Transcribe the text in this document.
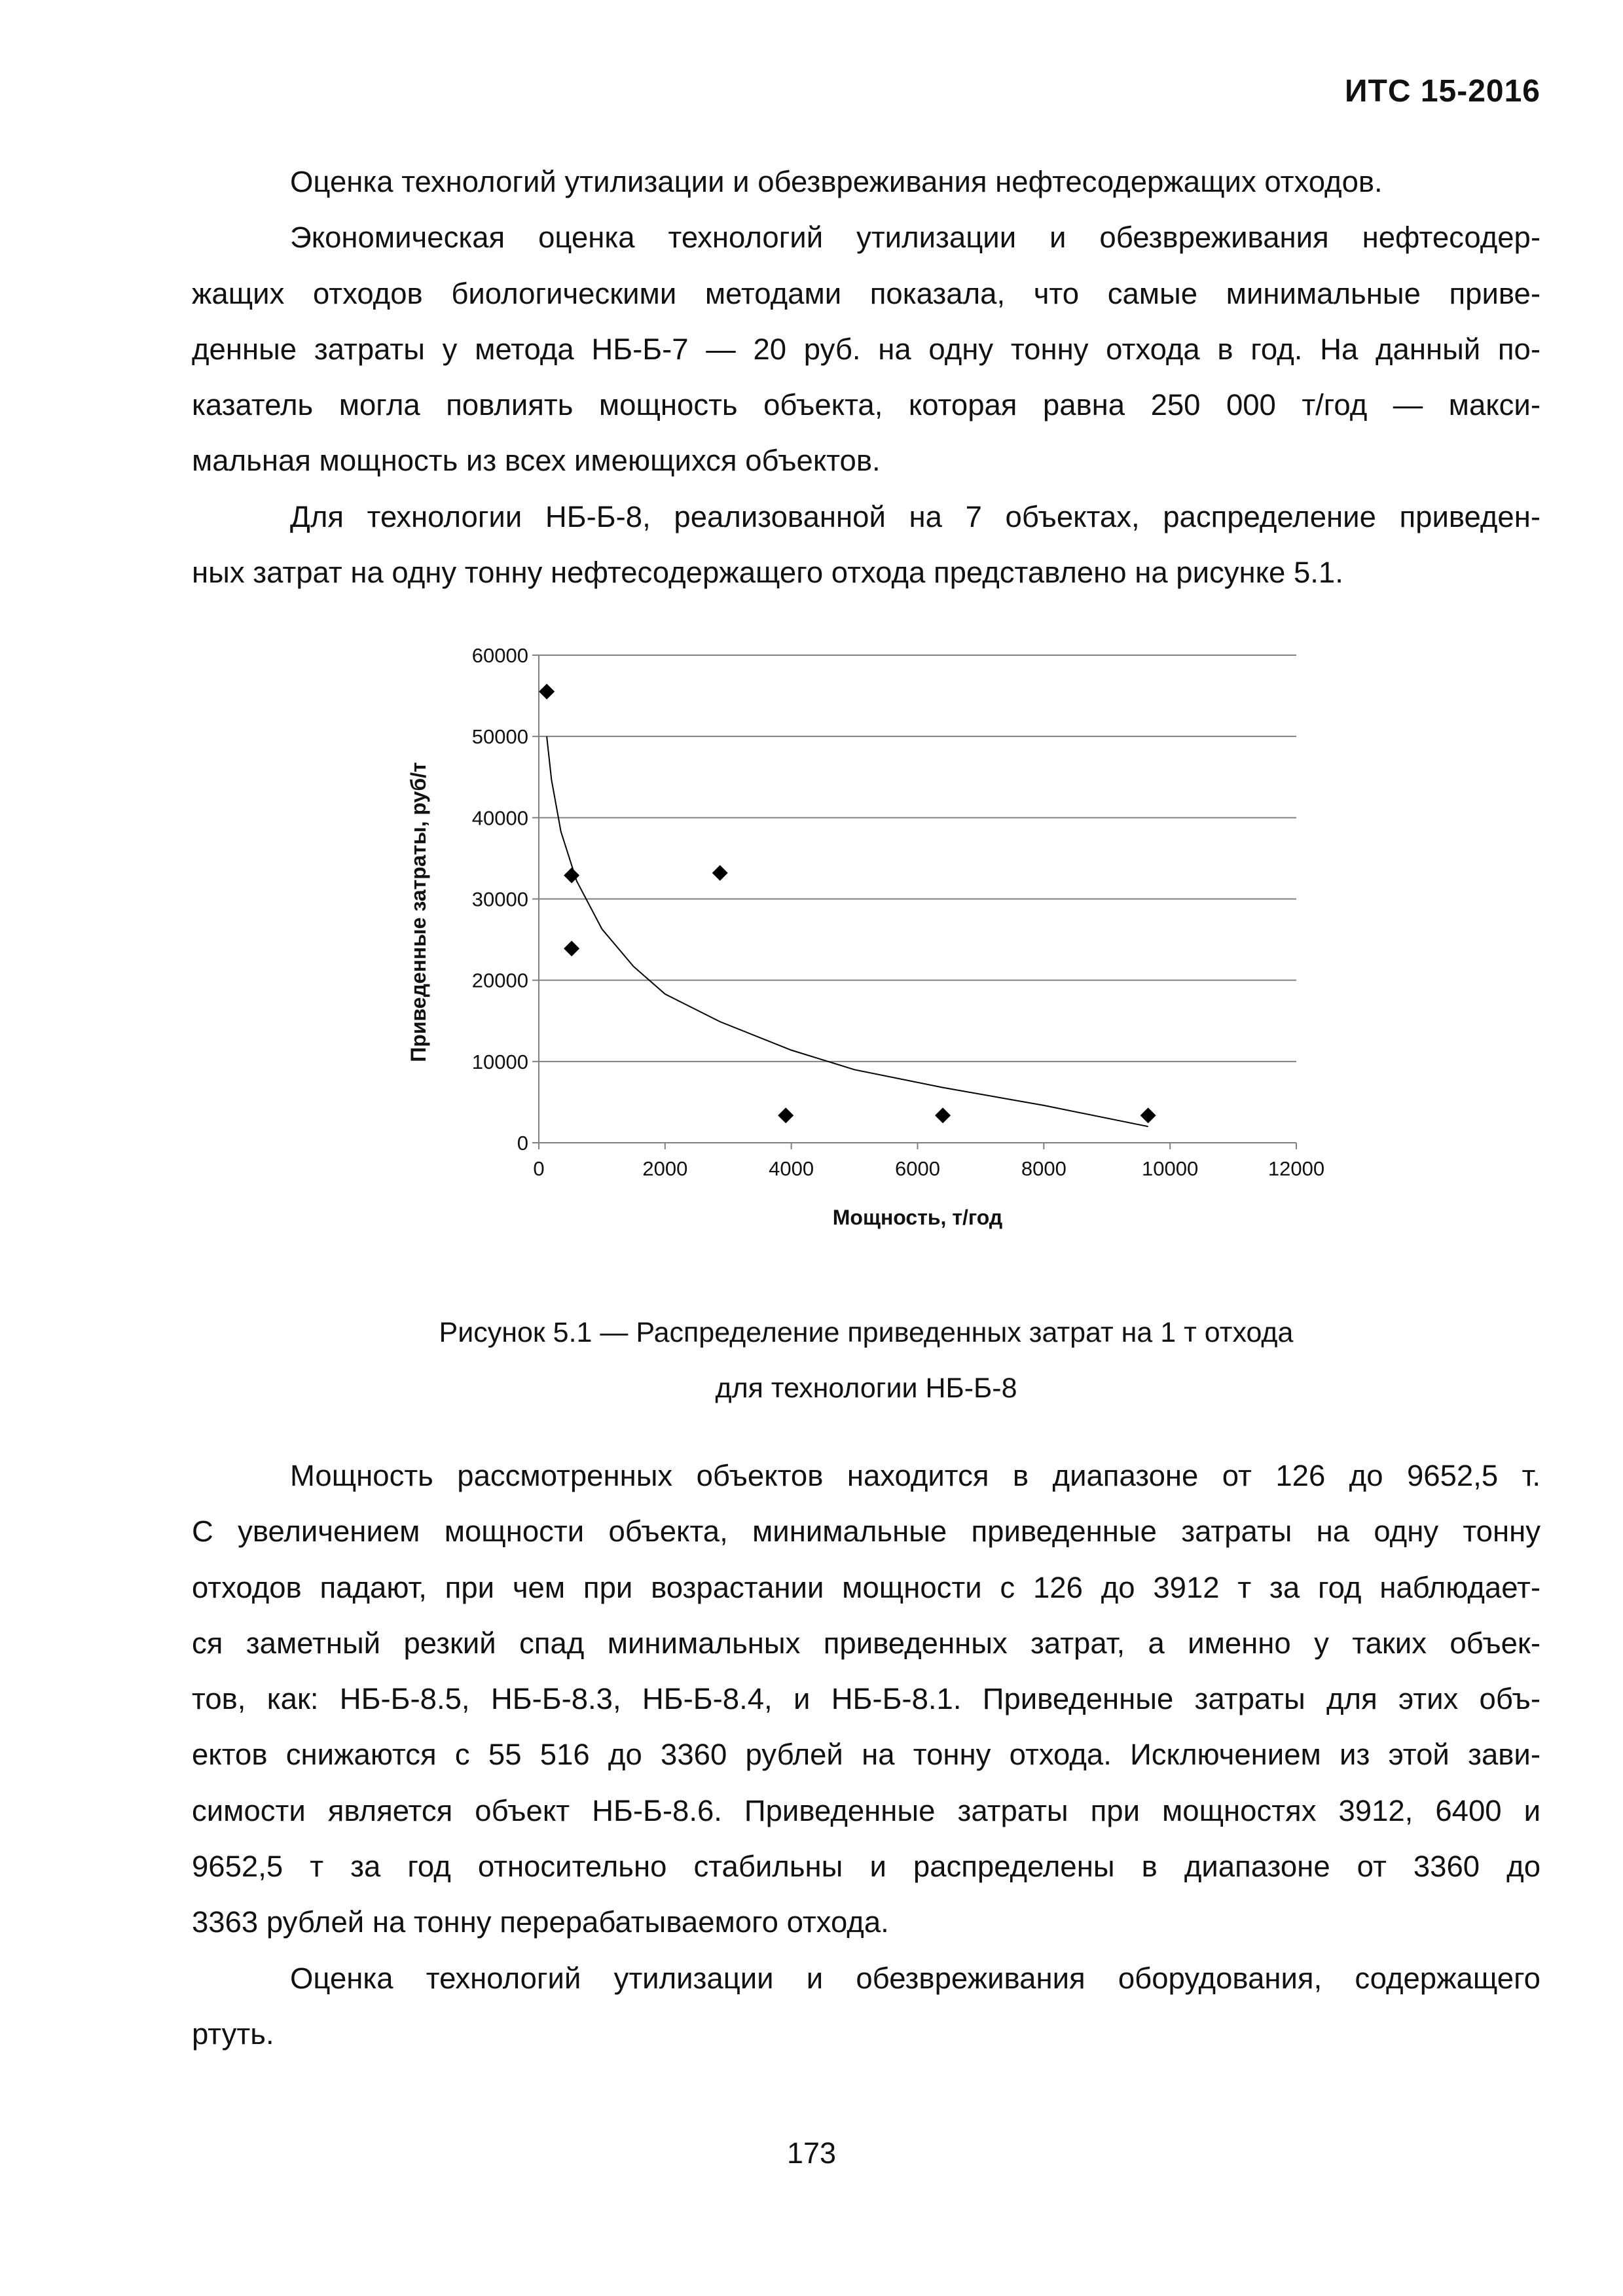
ИТС 15-2016
Оценка технологий утилизации и обезвреживания нефтесодержащих отходов.
Экономическая оценка технологий утилизации и обезвреживания нефтесодер-
жащих отходов биологическими методами показала, что самые минимальные приве-
денные затраты у метода НБ-Б-7 — 20 руб. на одну тонну отхода в год. На данный по-
казатель могла повлиять мощность объекта, которая равна 250 000 т/год — макси-
мальная мощность из всех имеющихся объектов.
Для технологии НБ-Б-8, реализованной на 7 объектах, распределение приведен-
ных затрат на одну тонну нефтесодержащего отхода представлено на рисунке 5.1.
0
10000
20000
30000
40000
50000
60000
0	2000	4000	6000	8000	10000	12000
Мощность, т/год
Приведенные затраты, руб/т
Рисунок 5.1 — Распределение приведенных затрат на 1 т отхода
для технологии НБ-Б-8
Мощность рассмотренных объектов находится в диапазоне от 126 до 9652,5 т.
С увеличением мощности объекта, минимальные приведенные затраты на одну тонну
отходов падают, при чем при возрастании мощности с 126 до 3912 т за год наблюдает-
ся заметный резкий спад минимальных приведенных затрат, а именно у таких объек-
тов, как: НБ-Б-8.5, НБ-Б-8.3, НБ-Б-8.4, и НБ-Б-8.1. Приведенные затраты для этих объ-
ектов снижаются с 55 516 до 3360 рублей на тонну отхода. Исключением из этой зави-
симости является объект НБ-Б-8.6. Приведенные затраты при мощностях 3912, 6400 и
9652,5 т за год относительно стабильны и распределены в диапазоне от 3360 до
3363 рублей на тонну перерабатываемого отхода.
Оценка технологий утилизации и обезвреживания оборудования, содержащего
ртуть.
173
